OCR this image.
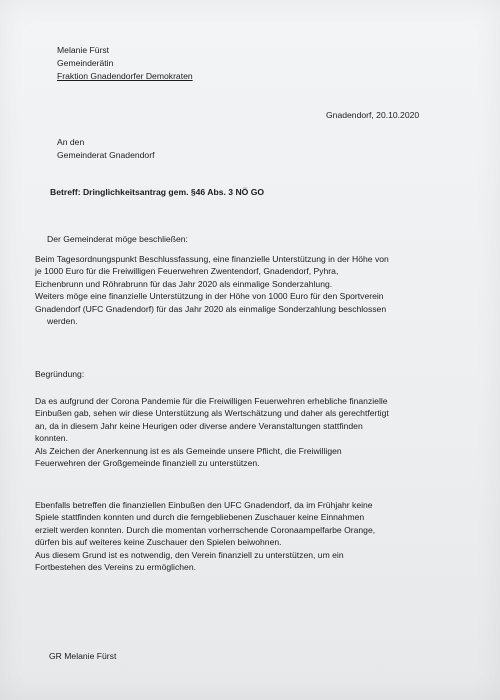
Melanie Fürst
Gemeinderätin
Fraktion Gnadendorfer Demokraten
Gnadendorf, 20.10.2020
An den
Gemeinderat Gnadendorf
Betreff: Dringlichkeitsantrag gem. §46 Abs. 3 NÖ GO
Der Gemeinderat möge beschließen:
Beim Tagesordnungspunkt Beschlussfassung, eine finanzielle Unterstützung in der Höhe von
je 1000 Euro für die Freiwilligen Feuerwehren Zwentendorf, Gnadendorf, Pyhra,
Eichenbrunn und Röhrabrunn für das Jahr 2020 als einmalige Sonderzahlung.
Weiters möge eine finanzielle Unterstützung in der Höhe von 1000 Euro für den Sportverein
Gnadendorf (UFC Gnadendorf) für das Jahr 2020 als einmalige Sonderzahlung beschlossen
werden.
Begründung:
Da es aufgrund der Corona Pandemie für die Freiwilligen Feuerwehren erhebliche finanzielle
Einbußen gab, sehen wir diese Unterstützung als Wertschätzung und daher als gerechtfertigt
an, da in diesem Jahr keine Heurigen oder diverse andere Veranstaltungen stattfinden
konnten.
Als Zeichen der Anerkennung ist es als Gemeinde unsere Pflicht, die Freiwilligen
Feuerwehren der Großgemeinde finanziell zu unterstützen.
Ebenfalls betreffen die finanziellen Einbußen den UFC Gnadendorf, da im Frühjahr keine
Spiele stattfinden konnten und durch die ferngebliebenen Zuschauer keine Einnahmen
erzielt werden konnten. Durch die momentan vorherrschende Coronaampelfarbe Orange,
dürfen bis auf weiteres keine Zuschauer den Spielen beiwohnen.
Aus diesem Grund ist es notwendig, den Verein finanziell zu unterstützen, um ein
Fortbestehen des Vereins zu ermöglichen.
GR Melanie Fürst
